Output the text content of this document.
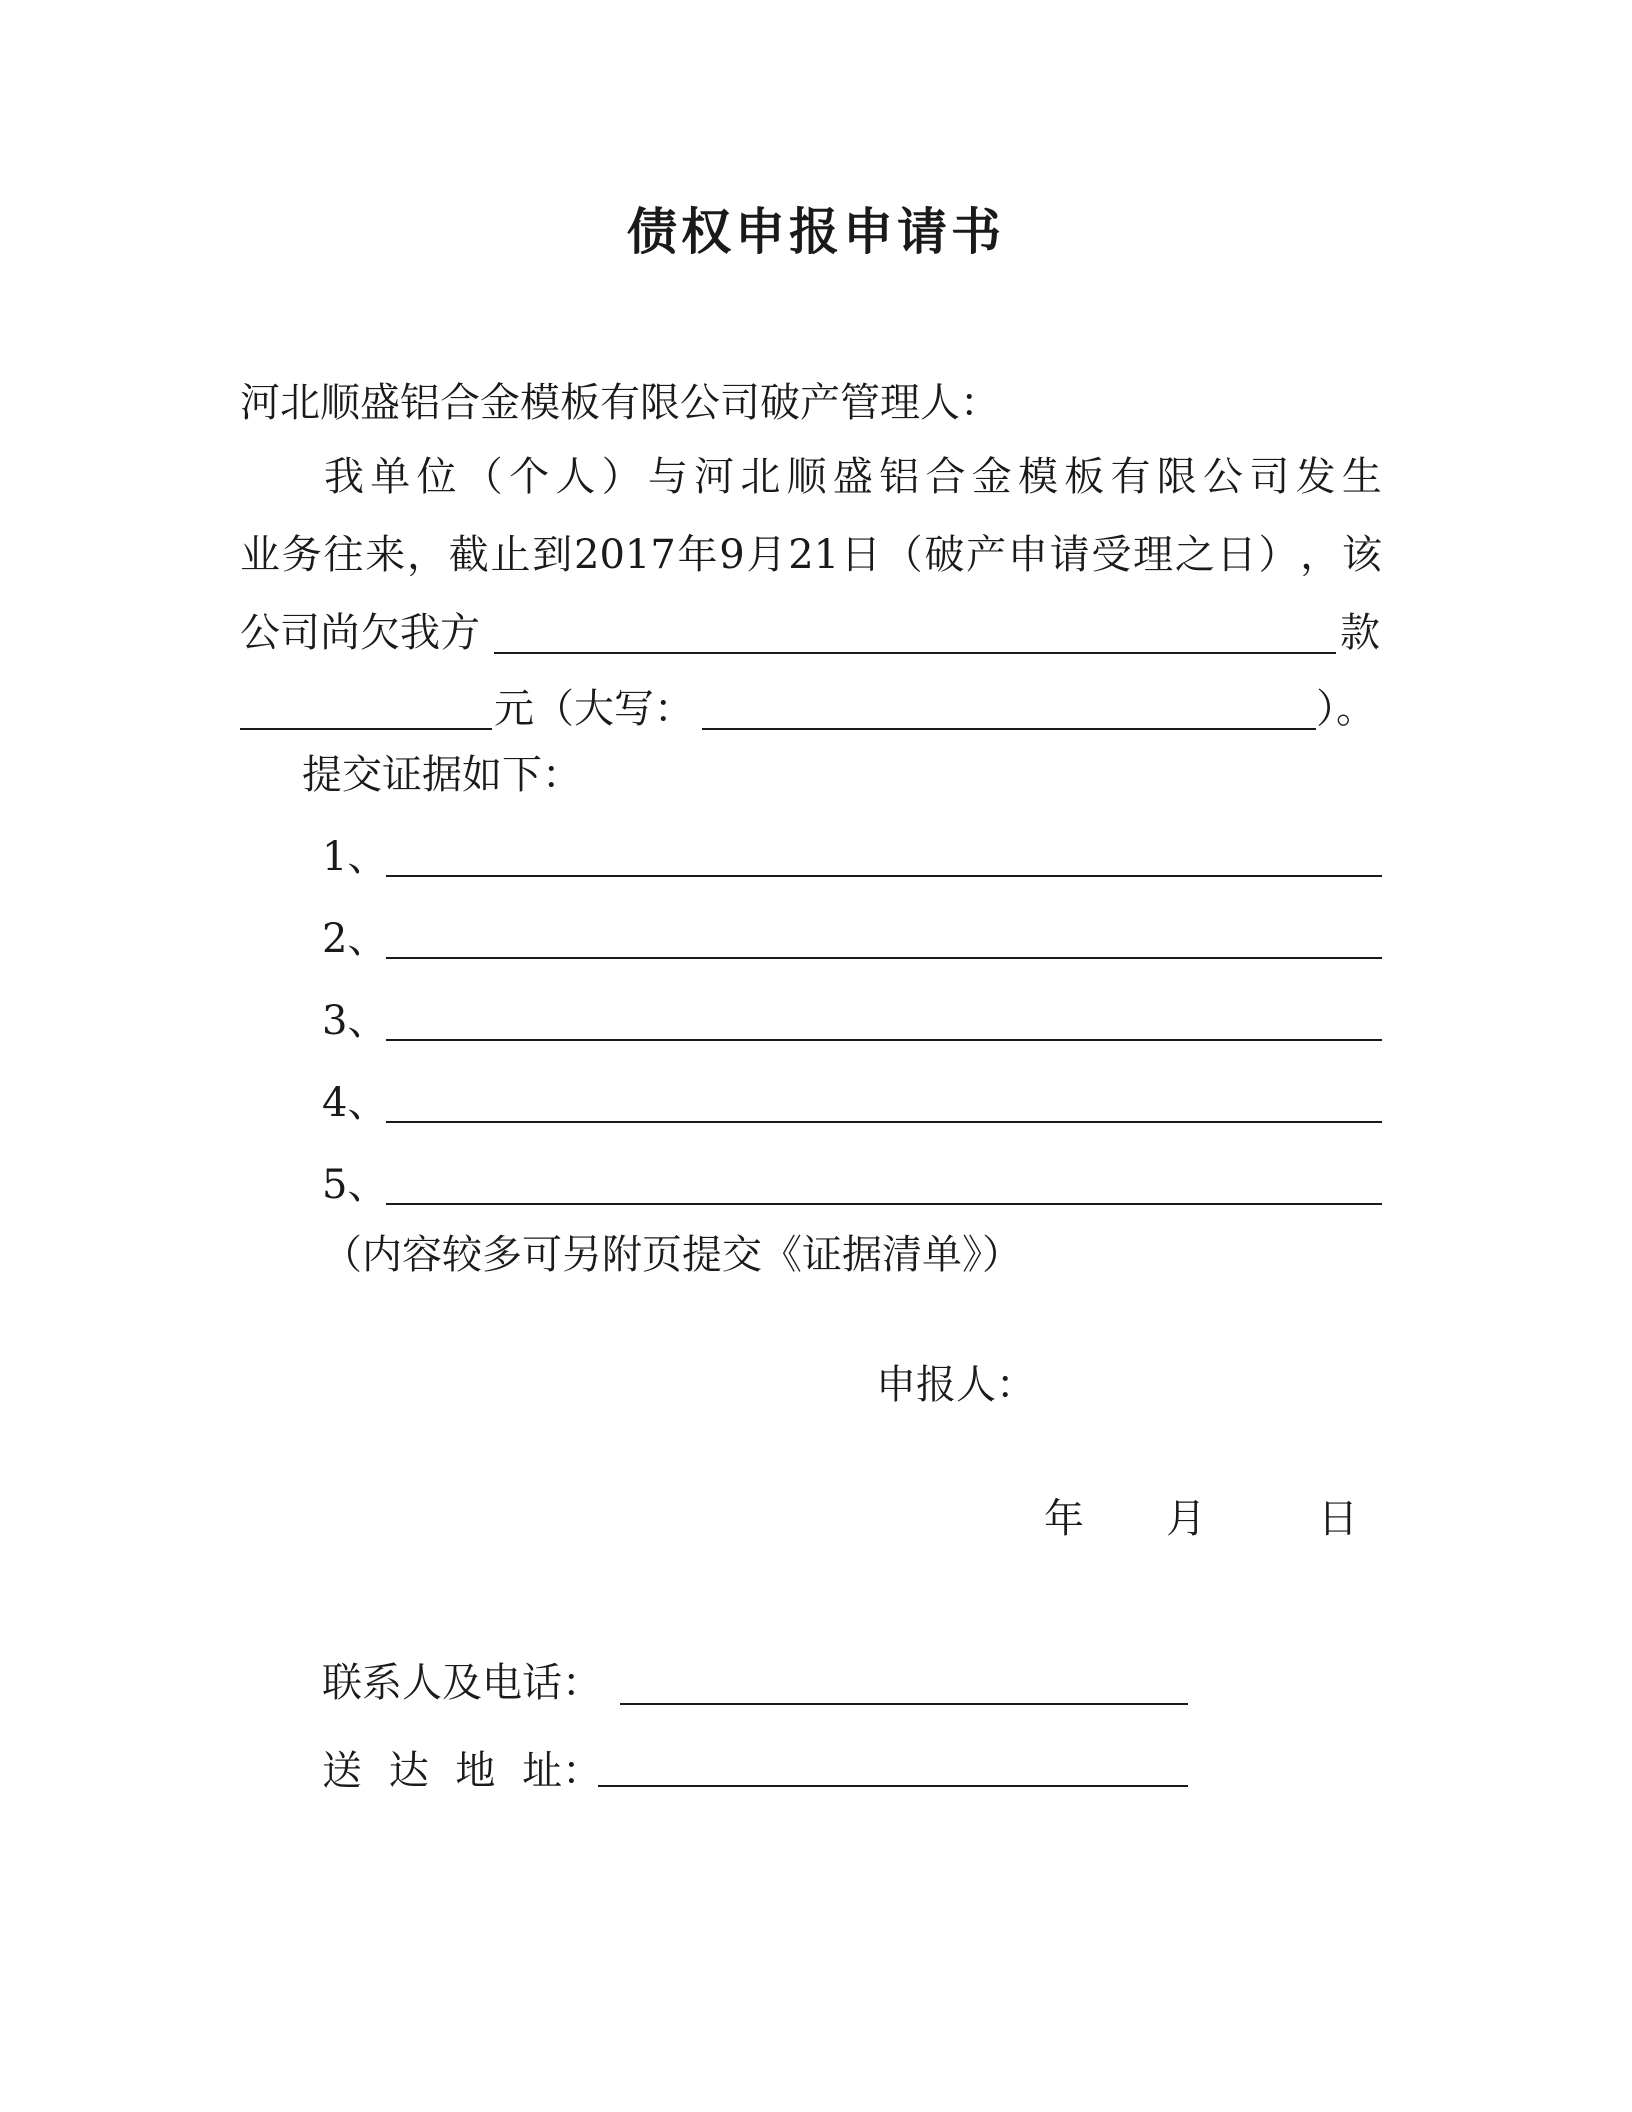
债权申报申请书
河北顺盛铝合金模板有限公司破产管理人：
我 单 位 （ 个 人 ） 与 河 北 顺 盛 铝 合 金 模 板 有 限 公 司 发 生
业 务 往 来 ， 截 止 到 2017 年 9 月 21 日 （ 破 产 申 请 受 理 之 日 ） ， 该
公司尚欠我方	款
元（大写：	）。
提交证据如下：
1、
2、
3、
4、
5、
（内容较多可另附页提交《证据清单》）
申报人：
年 月	日
联系人及电话：
送 达 地 址：
